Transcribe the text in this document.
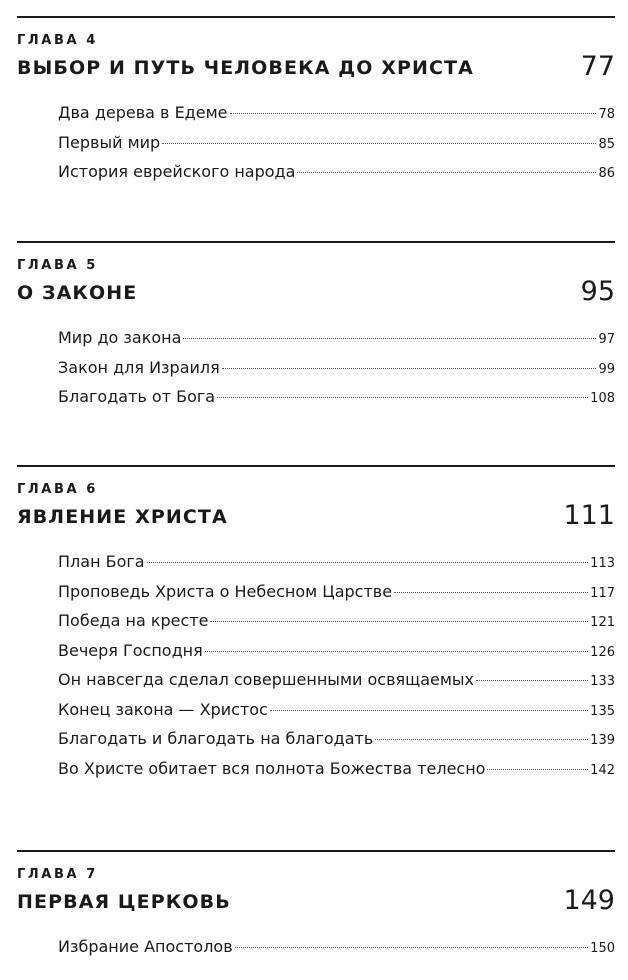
ГЛАВА 4
ВЫБОР И ПУТЬ ЧЕЛОВЕКА ДО ХРИСТА	77
Два дерева в Едеме	78
Первый мир	85
История еврейского народа	86
ГЛАВА 5
О ЗАКОНЕ	95
Мир до закона	97
Закон для Израиля	99
Благодать от Бога	108
ГЛАВА 6
ЯВЛЕНИЕ ХРИСТА	111
План Бога	113
Проповедь Христа о Небесном Царстве	117
Победа на кресте	121
Вечеря Господня	126
Он навсегда сделал совершенными освящаемых	133
Конец закона — Христос	135
Благодать и благодать на благодать	139
Во Христе обитает вся полнота Божества телесно	142
ГЛАВА 7
ПЕРВАЯ ЦЕРКОВЬ	149
Избрание Апостолов	150
